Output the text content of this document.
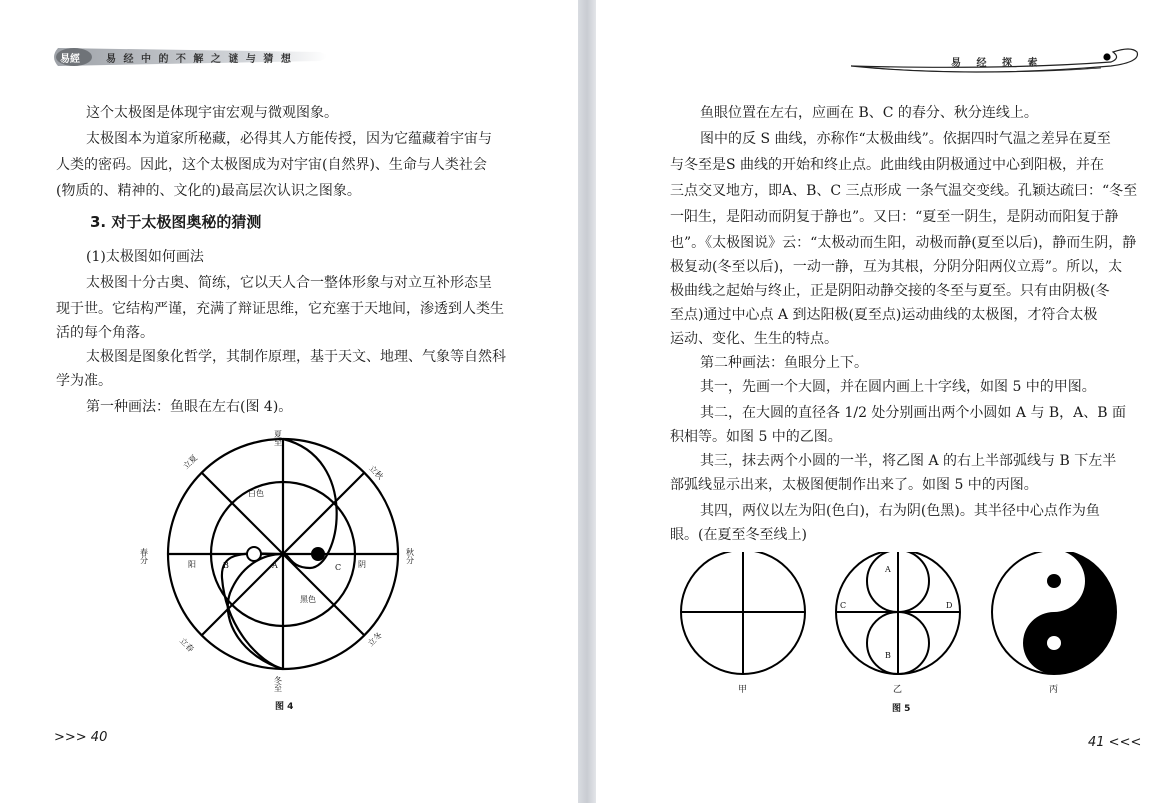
易經	易 经 中 的 不 解 之 谜 与 猜 想

这个太极图是体现宇宙宏观与微观图象。

太极图本为道家所秘藏，必得其人方能传授，因为它蕴藏着宇宙与

人类的密码。因此，这个太极图成为对宇宙(自然界)、生命与人类社会

(物质的、精神的、文化的)最高层次认识之图象。

3. 对于太极图奥秘的猜测

(1)太极图如何画法

太极图十分古奥、简练，它以天人合一整体形象与对立互补形态呈

现于世。它结构严谨，充满了辩证思维，它充塞于天地间，渗透到人类生

活的每个角落。

太极图是图象化哲学，其制作原理，基于天文、地理、气象等自然科

学为准。

第一种画法：鱼眼在左右(图 4)。

夏至
冬至
春分	秋分
立夏
立秋
立春	立冬
白色
黑色
阳	阴
A
B	C
图 4
>>> 40
易 经 探 索

鱼眼位置在左右，应画在 B、C 的春分、秋分连线上。

图中的反 S 曲线，亦称作“太极曲线”。依据四时气温之差异在夏至

与冬至是S 曲线的开始和终止点。此曲线由阴极通过中心到阳极，并在

三点交叉地方，即A、B、C 三点形成 一条气温交变线。孔颖达疏曰：“冬至

一阳生，是阳动而阴复于静也”。又曰：“夏至一阴生，是阴动而阳复于静

也”。《太极图说》云：“太极动而生阳，动极而静(夏至以后)，静而生阴，静

极复动(冬至以后)，一动一静，互为其根，分阴分阳两仪立焉”。所以，太

极曲线之起始与终止，正是阴阳动静交接的冬至与夏至。只有由阴极(冬

至点)通过中心点 A 到达阳极(夏至点)运动曲线的太极图，才符合太极

运动、变化、生生的特点。

第二种画法：鱼眼分上下。

其一，先画一个大圆，并在圆内画上十字线，如图 5 中的甲图。

其二，在大圆的直径各 1/2 处分别画出两个小圆如 A 与 B，A、B 面

积相等。如图 5 中的乙图。

其三，抹去两个小圆的一半，将乙图 A 的右上半部弧线与 B 下左半

部弧线显示出来，太极图便制作出来了。如图 5 中的丙图。

其四，两仪以左为阳(色白)，右为阴(色黑)。其半径中心点作为鱼

眼。(在夏至冬至线上)

A
B
C	D
甲	乙	丙
图 5
41 <<<
